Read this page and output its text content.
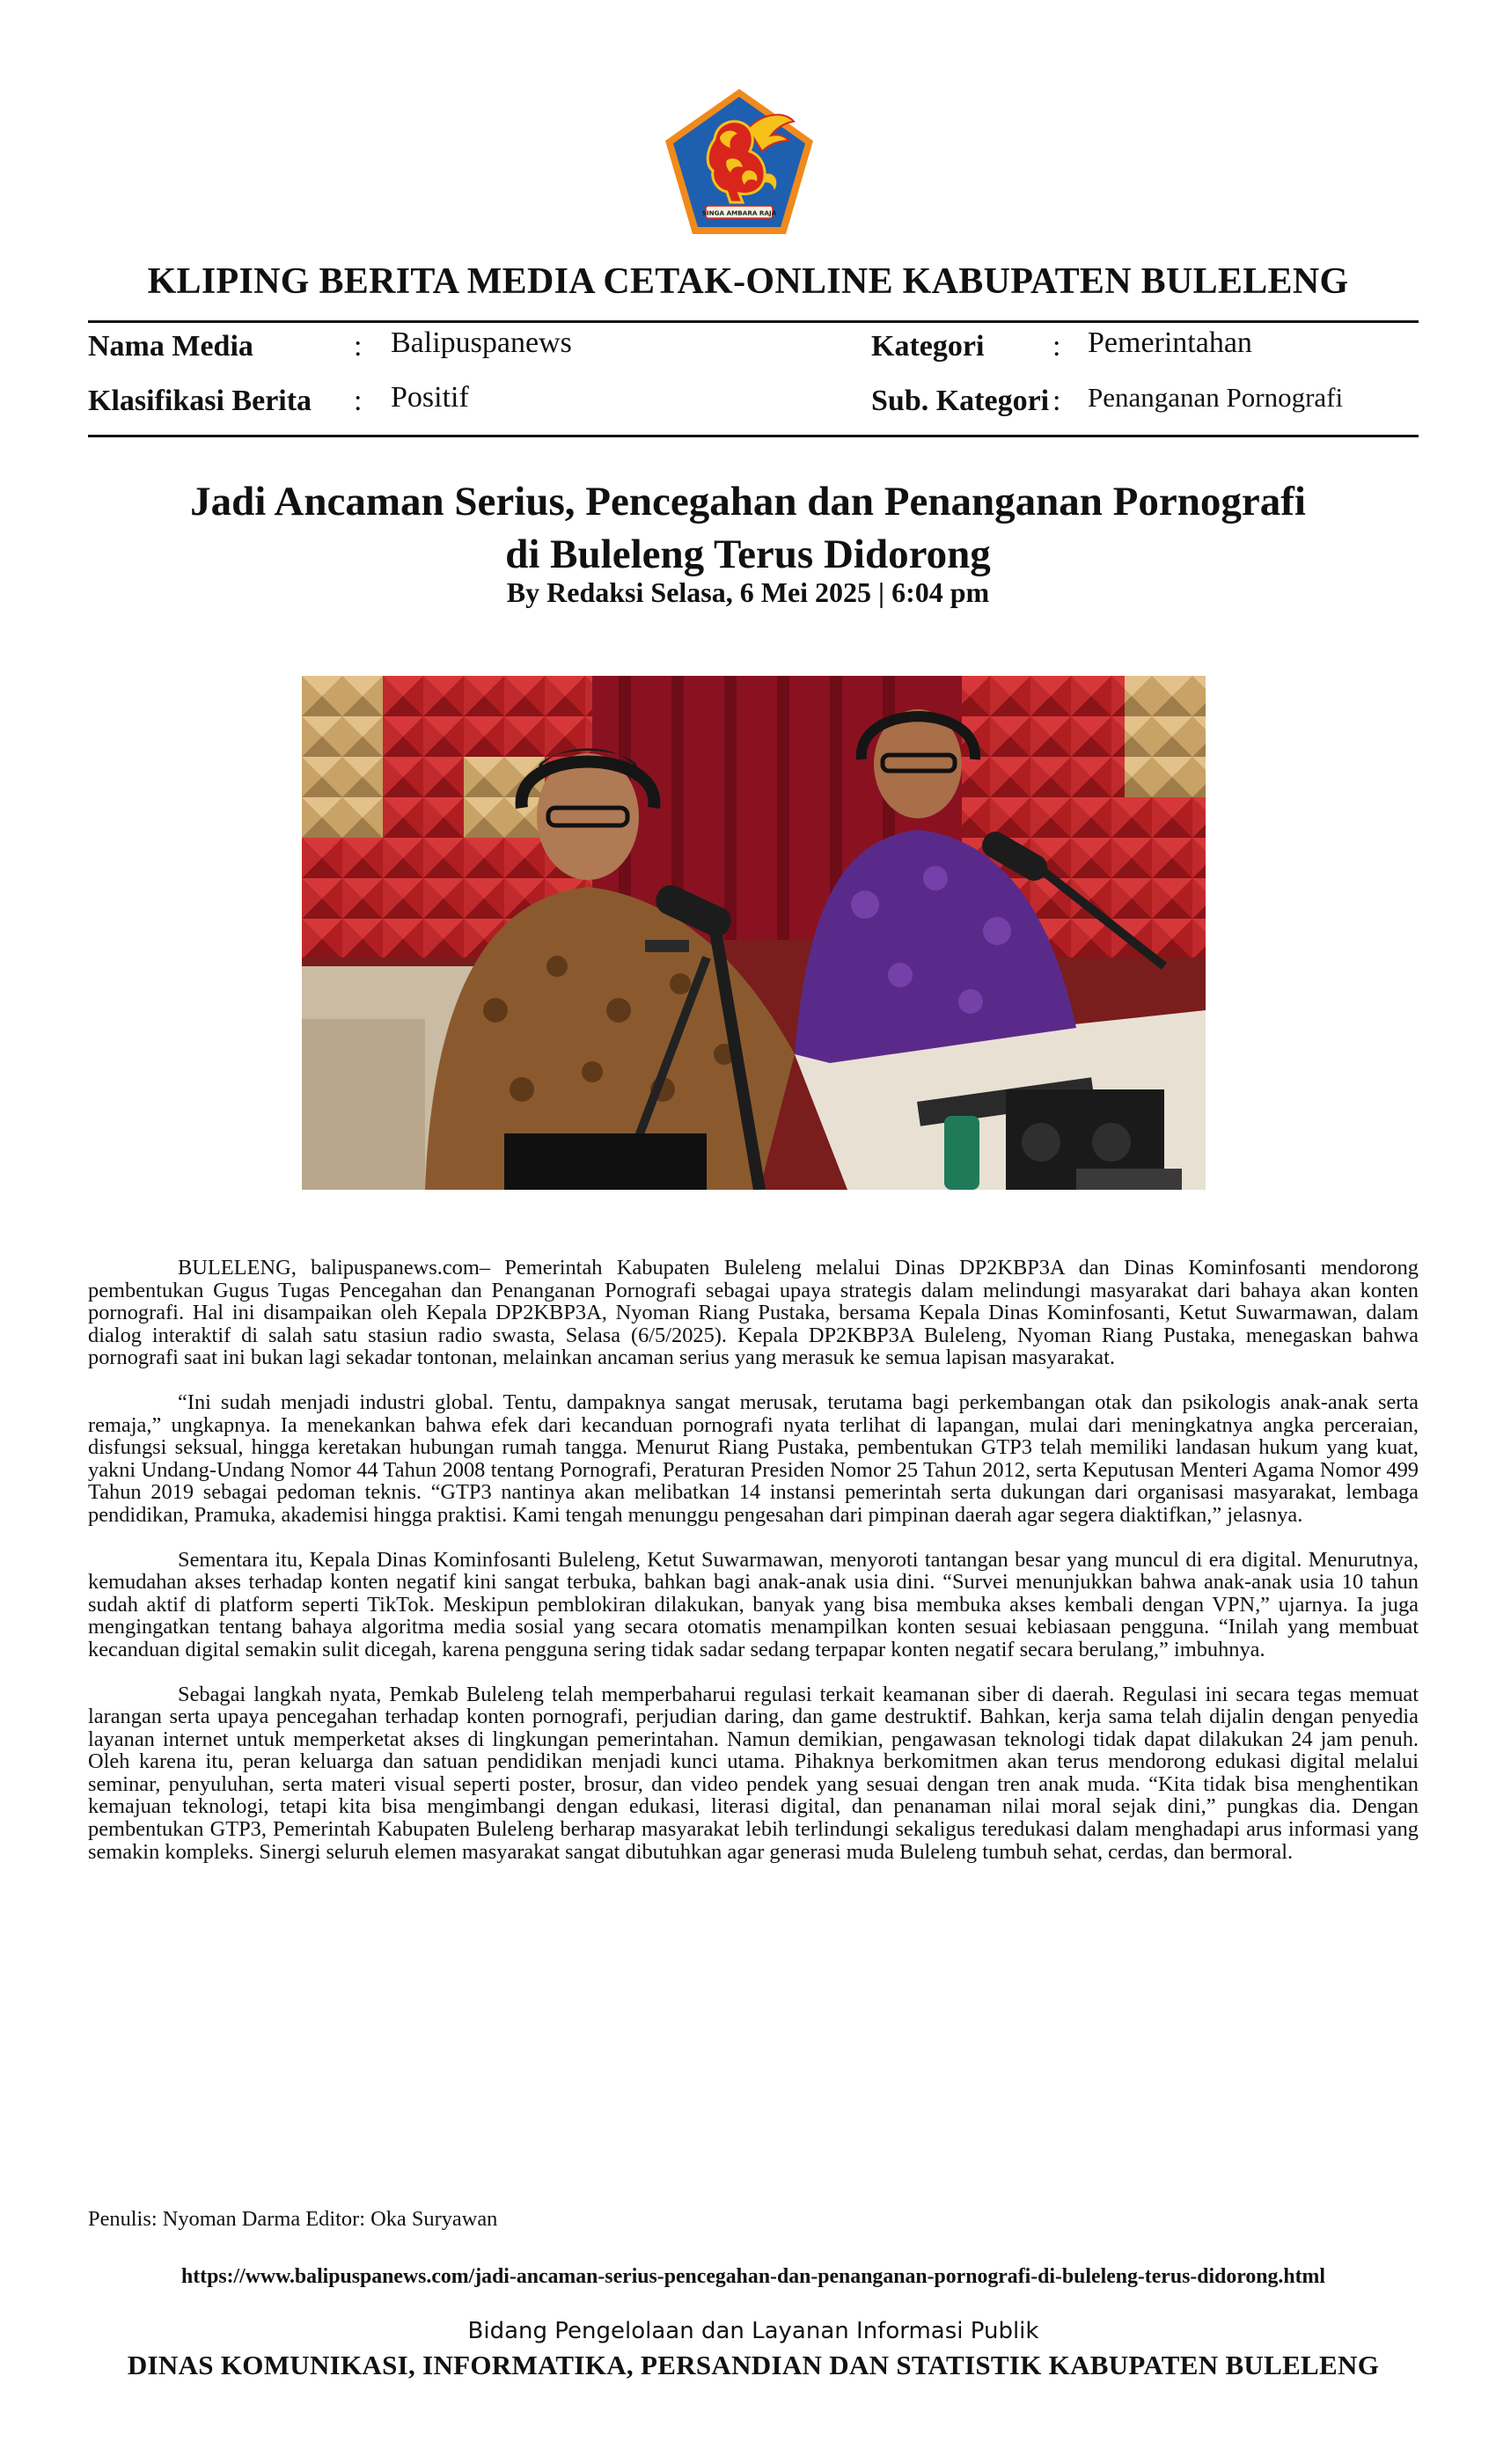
SINGA AMBARA RAJA
KLIPING BERITA MEDIA CETAK-ONLINE KABUPATEN BULELENG
Nama Media	: Balipuspanews	Kategori : Pemerintahan
Klasifikasi Berita : Positif	Sub. Kategori : Penanganan Pornografi
Jadi Ancaman Serius, Pencegahan dan Penanganan Pornografi
di Buleleng Terus Didorong
By Redaksi Selasa, 6 Mei 2025 | 6:04 pm

BULELENG, balipuspanews.com– Pemerintah Kabupaten Buleleng melalui Dinas DP2KBP3A dan Dinas Kominfosanti mendorong pembentukan Gugus Tugas Pencegahan dan Penanganan Pornografi sebagai upaya strategis dalam melindungi masyarakat dari bahaya akan konten pornografi. Hal ini disampaikan oleh Kepala DP2KBP3A, Nyoman Riang Pustaka, bersama Kepala Dinas Kominfosanti, Ketut Suwarmawan, dalam dialog interaktif di salah satu stasiun radio swasta, Selasa (6/5/2025). Kepala DP2KBP3A Buleleng, Nyoman Riang Pustaka, menegaskan bahwa pornografi saat ini bukan lagi sekadar tontonan, melainkan ancaman serius yang merasuk ke semua lapisan masyarakat.

“Ini sudah menjadi industri global. Tentu, dampaknya sangat merusak, terutama bagi perkembangan otak dan psikologis anak-anak serta remaja,” ungkapnya. Ia menekankan bahwa efek dari kecanduan pornografi nyata terlihat di lapangan, mulai dari meningkatnya angka perceraian, disfungsi seksual, hingga keretakan hubungan rumah tangga. Menurut Riang Pustaka, pembentukan GTP3 telah memiliki landasan hukum yang kuat, yakni Undang-Undang Nomor 44 Tahun 2008 tentang Pornografi, Peraturan Presiden Nomor 25 Tahun 2012, serta Keputusan Menteri Agama Nomor 499 Tahun 2019 sebagai pedoman teknis. “GTP3 nantinya akan melibatkan 14 instansi pemerintah serta dukungan dari organisasi masyarakat, lembaga pendidikan, Pramuka, akademisi hingga praktisi. Kami tengah menunggu pengesahan dari pimpinan daerah agar segera diaktifkan,” jelasnya.

Sementara itu, Kepala Dinas Kominfosanti Buleleng, Ketut Suwarmawan, menyoroti tantangan besar yang muncul di era digital. Menurutnya, kemudahan akses terhadap konten negatif kini sangat terbuka, bahkan bagi anak-anak usia dini. “Survei menunjukkan bahwa anak-anak usia 10 tahun sudah aktif di platform seperti TikTok. Meskipun pemblokiran dilakukan, banyak yang bisa membuka akses kembali dengan VPN,” ujarnya. Ia juga mengingatkan tentang bahaya algoritma media sosial yang secara otomatis menampilkan konten sesuai kebiasaan pengguna. “Inilah yang membuat kecanduan digital semakin sulit dicegah, karena pengguna sering tidak sadar sedang terpapar konten negatif secara berulang,” imbuhnya.

Sebagai langkah nyata, Pemkab Buleleng telah memperbaharui regulasi terkait keamanan siber di daerah. Regulasi ini secara tegas memuat larangan serta upaya pencegahan terhadap konten pornografi, perjudian daring, dan game destruktif. Bahkan, kerja sama telah dijalin dengan penyedia layanan internet untuk memperketat akses di lingkungan pemerintahan. Namun demikian, pengawasan teknologi tidak dapat dilakukan 24 jam penuh. Oleh karena itu, peran keluarga dan satuan pendidikan menjadi kunci utama. Pihaknya berkomitmen akan terus mendorong edukasi digital melalui seminar, penyuluhan, serta materi visual seperti poster, brosur, dan video pendek yang sesuai dengan tren anak muda. “Kita tidak bisa menghentikan kemajuan teknologi, tetapi kita bisa mengimbangi dengan edukasi, literasi digital, dan penanaman nilai moral sejak dini,” pungkas dia. Dengan pembentukan GTP3, Pemerintah Kabupaten Buleleng berharap masyarakat lebih terlindungi sekaligus teredukasi dalam menghadapi arus informasi yang semakin kompleks. Sinergi seluruh elemen masyarakat sangat dibutuhkan agar generasi muda Buleleng tumbuh sehat, cerdas, dan bermoral.

Penulis: Nyoman Darma Editor: Oka Suryawan
https://www.balipuspanews.com/jadi-ancaman-serius-pencegahan-dan-penanganan-pornografi-di-buleleng-terus-didorong.html
Bidang Pengelolaan dan Layanan Informasi Publik
DINAS KOMUNIKASI, INFORMATIKA, PERSANDIAN DAN STATISTIK KABUPATEN BULELENG
